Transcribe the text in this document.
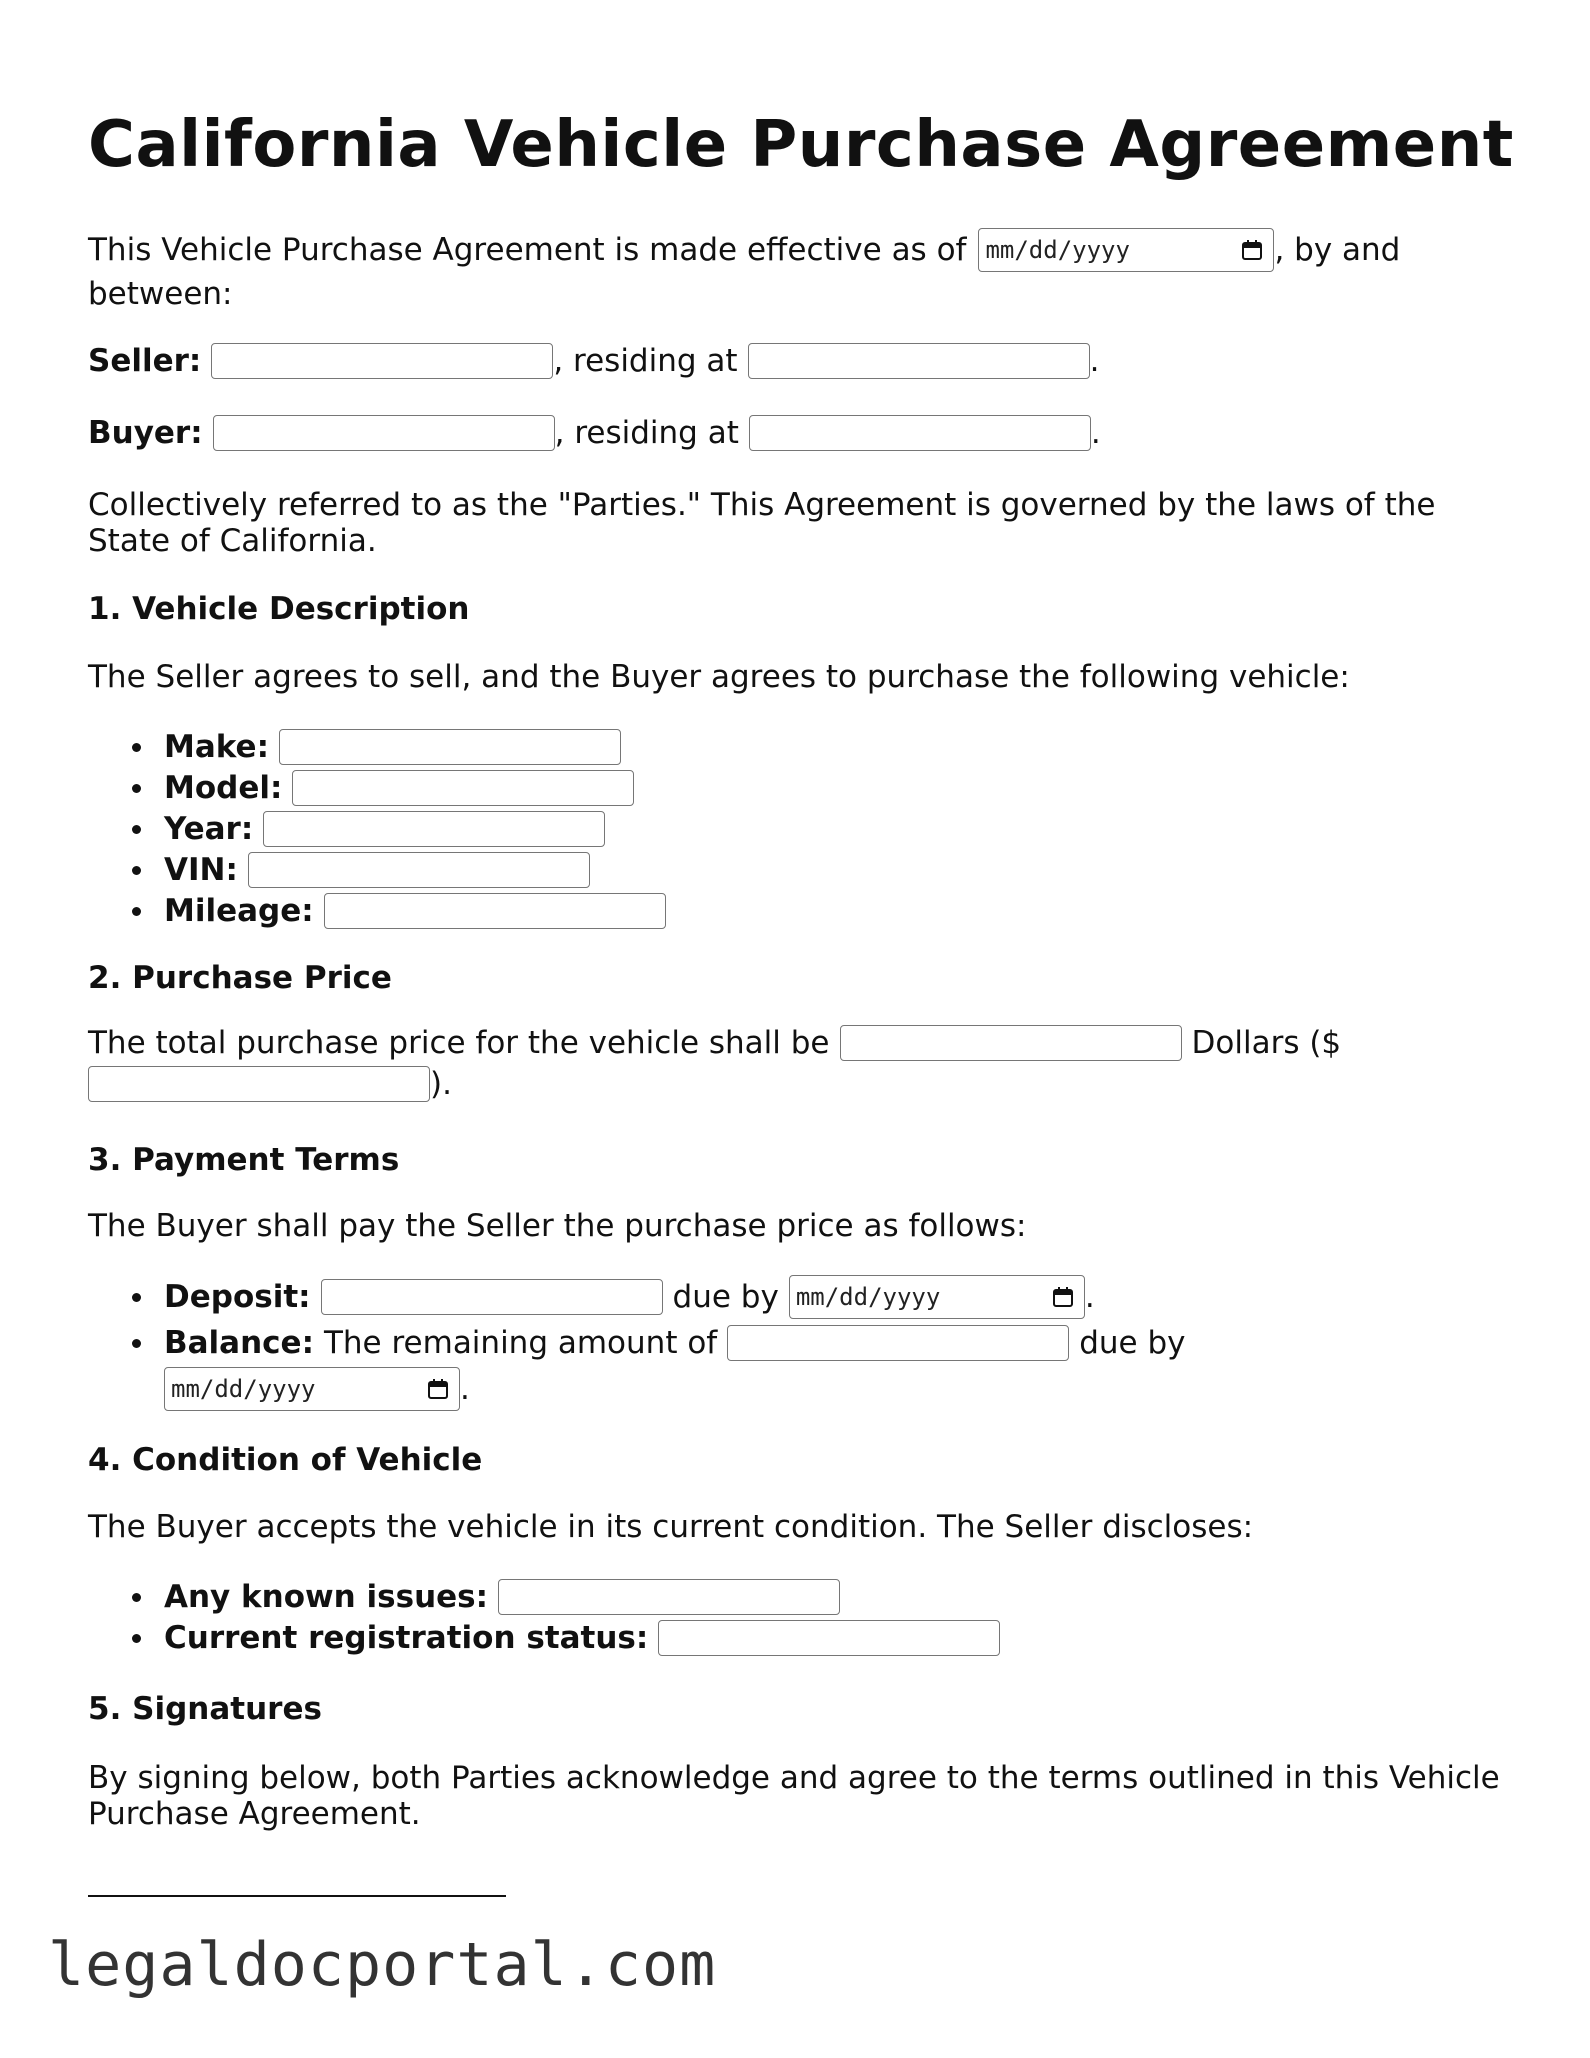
California Vehicle Purchase Agreement
This Vehicle Purchase Agreement is made effective as of mm/dd/yyyy	, by and
between:
Seller:	, residing at	.
Buyer:	, residing at	.
Collectively referred to as the "Parties." This Agreement is governed by the laws of the State of California.
1. Vehicle Description
The Seller agrees to sell, and the Buyer agrees to purchase the following vehicle:
Make:
Model:
Year:
VIN:
Mileage:
2. Purchase Price
The total purchase price for the vehicle shall be	Dollars ($
).
3. Payment Terms
The Buyer shall pay the Seller the purchase price as follows:
Deposit:	due by mm/dd/yyyy	.
Balance: The remaining amount of	due by
mm/dd/yyyy	.
4. Condition of Vehicle
The Buyer accepts the vehicle in its current condition. The Seller discloses:
Any known issues:
Current registration status:
5. Signatures
By signing below, both Parties acknowledge and agree to the terms outlined in this Vehicle Purchase Agreement.
legaldocportal.com
